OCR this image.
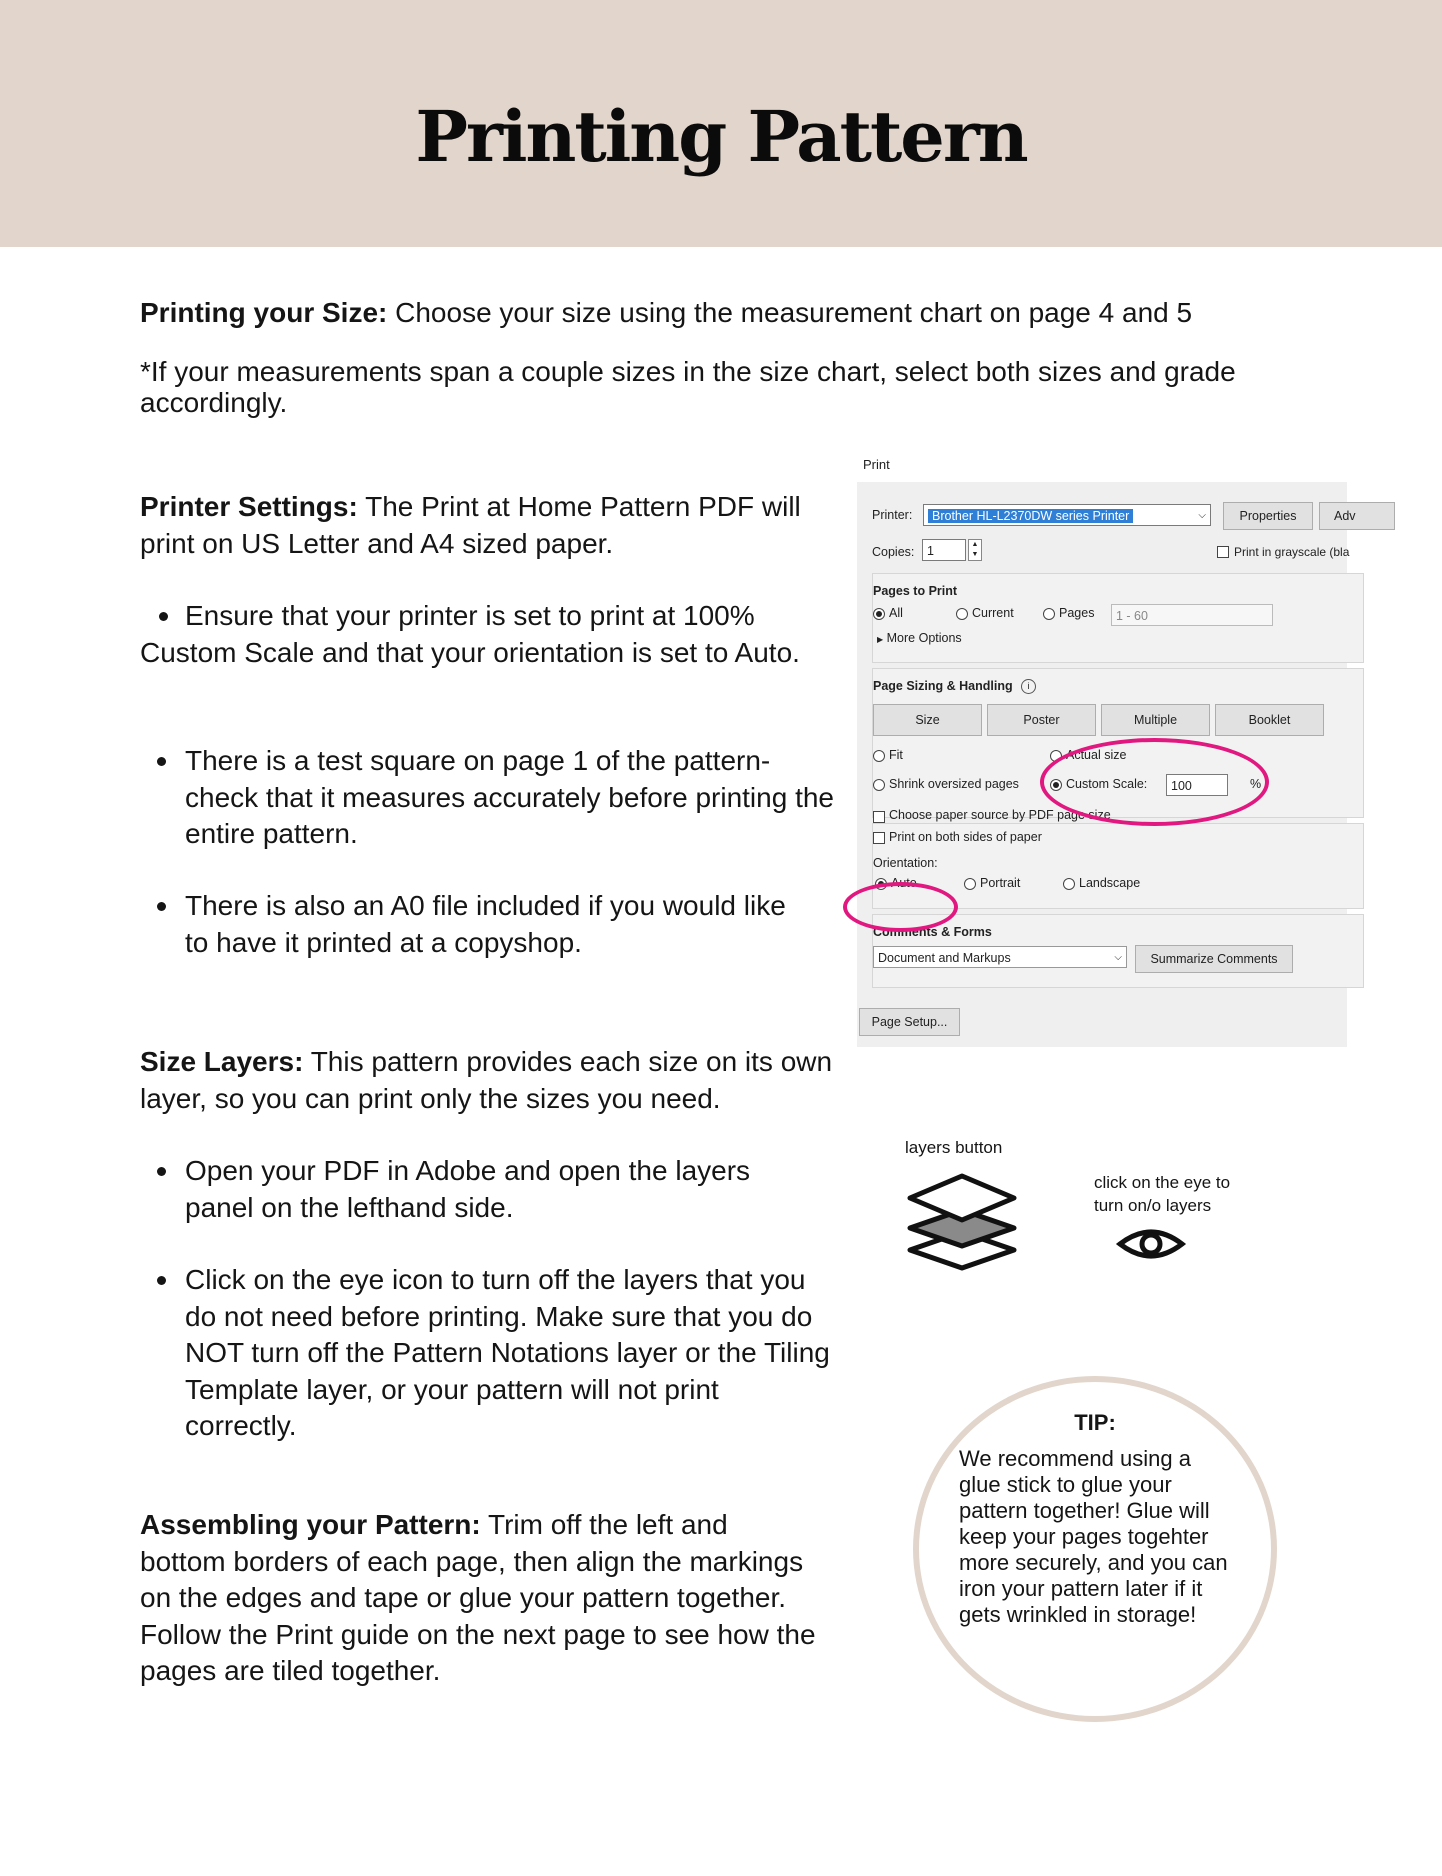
Printing Pattern

Printing your Size: Choose your size using the measurement chart on page 4 and 5

*If your measurements span a couple sizes in the size chart, select both sizes and grade accordingly.

Printer Settings: The Print at Home Pattern PDF will print on US Letter and A4 sized paper.

Ensure that your printer is set to print at 100% Custom Scale and that your orientation is set to Auto.

There is a test square on page 1 of the pattern- check that it measures accurately before printing the entire pattern.

There is also an A0 file included if you would like to have it printed at a copyshop.

Size Layers: This pattern provides each size on its own layer, so you can print only the sizes you need.

Open your PDF in Adobe and open the layers panel on the lefthand side.

Click on the eye icon to turn off the layers that you do not need before printing. Make sure that you do NOT turn off the Pattern Notations layer or the Tiling Template layer, or your pattern will not print correctly.

Assembling your Pattern: Trim off the left and bottom borders of each page, then align the markings on the edges and tape or glue your pattern together. Follow the Print guide on the next page to see how the pages are tiled together.

Print
Printer:	Brother HL-L2370DW series Printer	⌵	Properties	Adv
Copies:	1	▲
▼	Print in grayscale (bla
Pages to Print
All	Current	Pages	1 - 60
▶ More Options
Page Sizing & Handling	i
Size	Poster	Multiple	Booklet
Fit	Actual size
Shrink oversized pages	Custom Scale:	100	%
Choose paper source by PDF page size
Print on both sides of paper
Orientation:
Auto	Portrait	Landscape
Comments & Forms
Document and Markups	⌵	Summarize Comments
Page Setup...
layers button
click on the eye to turn on/o layers
TIP:

We recommend using a glue stick to glue your pattern together! Glue will keep your pages togehter more securely, and you can iron your pattern later if it gets wrinkled in storage!
